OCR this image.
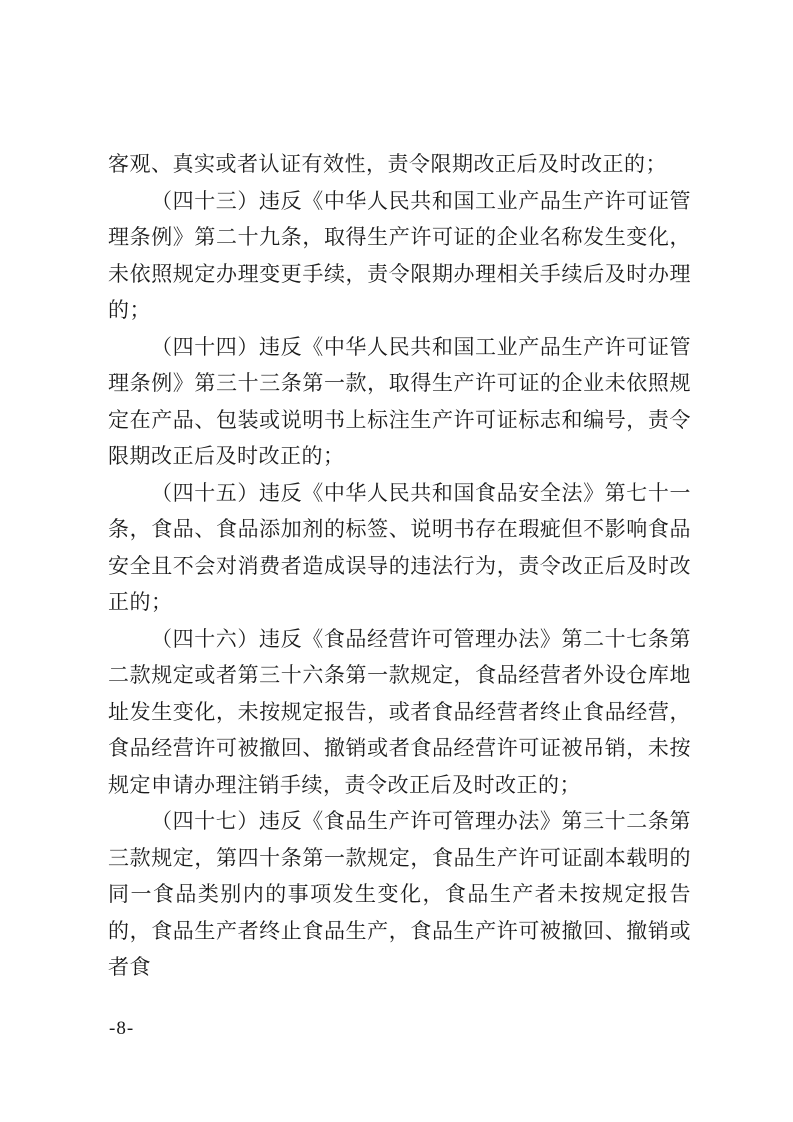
客观、真实或者认证有效性，责令限期改正后及时改正的；

（四十三）违反《中华人民共和国工业产品生产许可证管理条例》第二十九条，取得生产许可证的企业名称发生变化，未依照规定办理变更手续，责令限期办理相关手续后及时办理的；

（四十四）违反《中华人民共和国工业产品生产许可证管理条例》第三十三条第一款，取得生产许可证的企业未依照规定在产品、包装或说明书上标注生产许可证标志和编号，责令限期改正后及时改正的；

（四十五）违反《中华人民共和国食品安全法》第七十一条，食品、食品添加剂的标签、说明书存在瑕疵但不影响食品安全且不会对消费者造成误导的违法行为，责令改正后及时改正的；

（四十六）违反《食品经营许可管理办法》第二十七条第二款规定或者第三十六条第一款规定，食品经营者外设仓库地址发生变化，未按规定报告，或者食品经营者终止食品经营，食品经营许可被撤回、撤销或者食品经营许可证被吊销，未按规定申请办理注销手续，责令改正后及时改正的；

（四十七）违反《食品生产许可管理办法》第三十二条第三款规定，第四十条第一款规定，食品生产许可证副本载明的同一食品类别内的事项发生变化，食品生产者未按规定报告的，食品生产者终止食品生产，食品生产许可被撤回、撤销或者食

-8-
